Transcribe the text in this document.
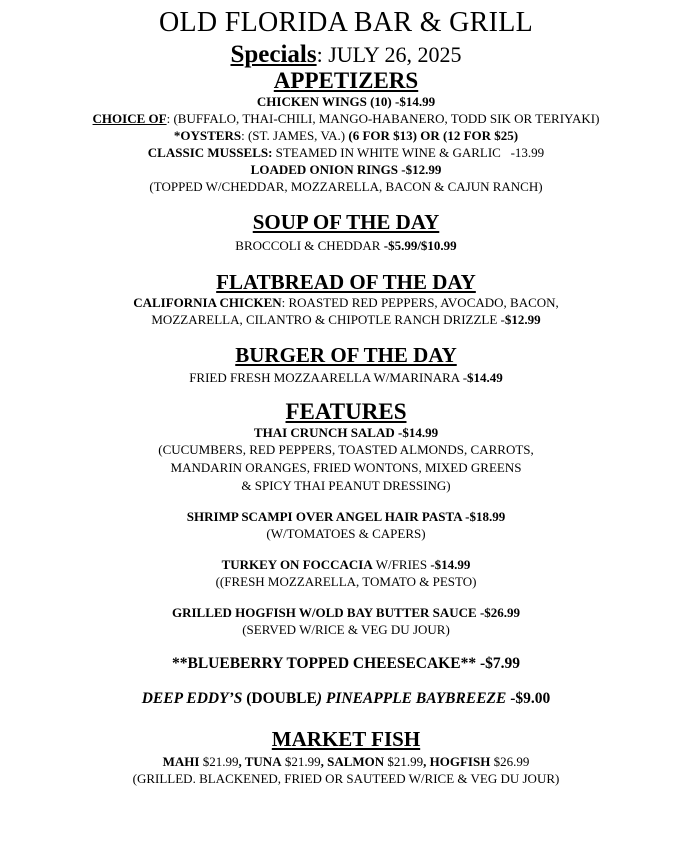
OLD FLORIDA BAR & GRILL

Specials: JULY 26, 2025

APPETIZERS

CHICKEN WINGS (10) -$14.99

CHOICE OF: (BUFFALO, THAI-CHILI, MANGO-HABANERO, TODD SIK OR TERIYAKI)

*OYSTERS: (ST. JAMES, VA.) (6 FOR $13) OR (12 FOR $25)

CLASSIC MUSSELS: STEAMED IN WHITE WINE & GARLIC   -13.99

LOADED ONION RINGS -$12.99

(TOPPED W/CHEDDAR, MOZZARELLA, BACON & CAJUN RANCH)

SOUP OF THE DAY

BROCCOLI & CHEDDAR -$5.99/$10.99

FLATBREAD OF THE DAY

CALIFORNIA CHICKEN: ROASTED RED PEPPERS, AVOCADO, BACON,

MOZZARELLA, CILANTRO & CHIPOTLE RANCH DRIZZLE -$12.99

BURGER OF THE DAY

FRIED FRESH MOZZAARELLA W/MARINARA -$14.49

FEATURES

THAI CRUNCH SALAD -$14.99

(CUCUMBERS, RED PEPPERS, TOASTED ALMONDS, CARROTS,

MANDARIN ORANGES, FRIED WONTONS, MIXED GREENS

& SPICY THAI PEANUT DRESSING)

SHRIMP SCAMPI OVER ANGEL HAIR PASTA -$18.99

(W/TOMATOES & CAPERS)

TURKEY ON FOCCACIA W/FRIES -$14.99

((FRESH MOZZARELLA, TOMATO & PESTO)

GRILLED HOGFISH W/OLD BAY BUTTER SAUCE -$26.99

(SERVED W/RICE & VEG DU JOUR)

**BLUEBERRY TOPPED CHEESECAKE** -$7.99

DEEP EDDY’S (DOUBLE) PINEAPPLE BAYBREEZE -$9.00

MARKET FISH

MAHI $21.99, TUNA $21.99, SALMON $21.99, HOGFISH $26.99

(GRILLED. BLACKENED, FRIED OR SAUTEED W/RICE & VEG DU JOUR)
